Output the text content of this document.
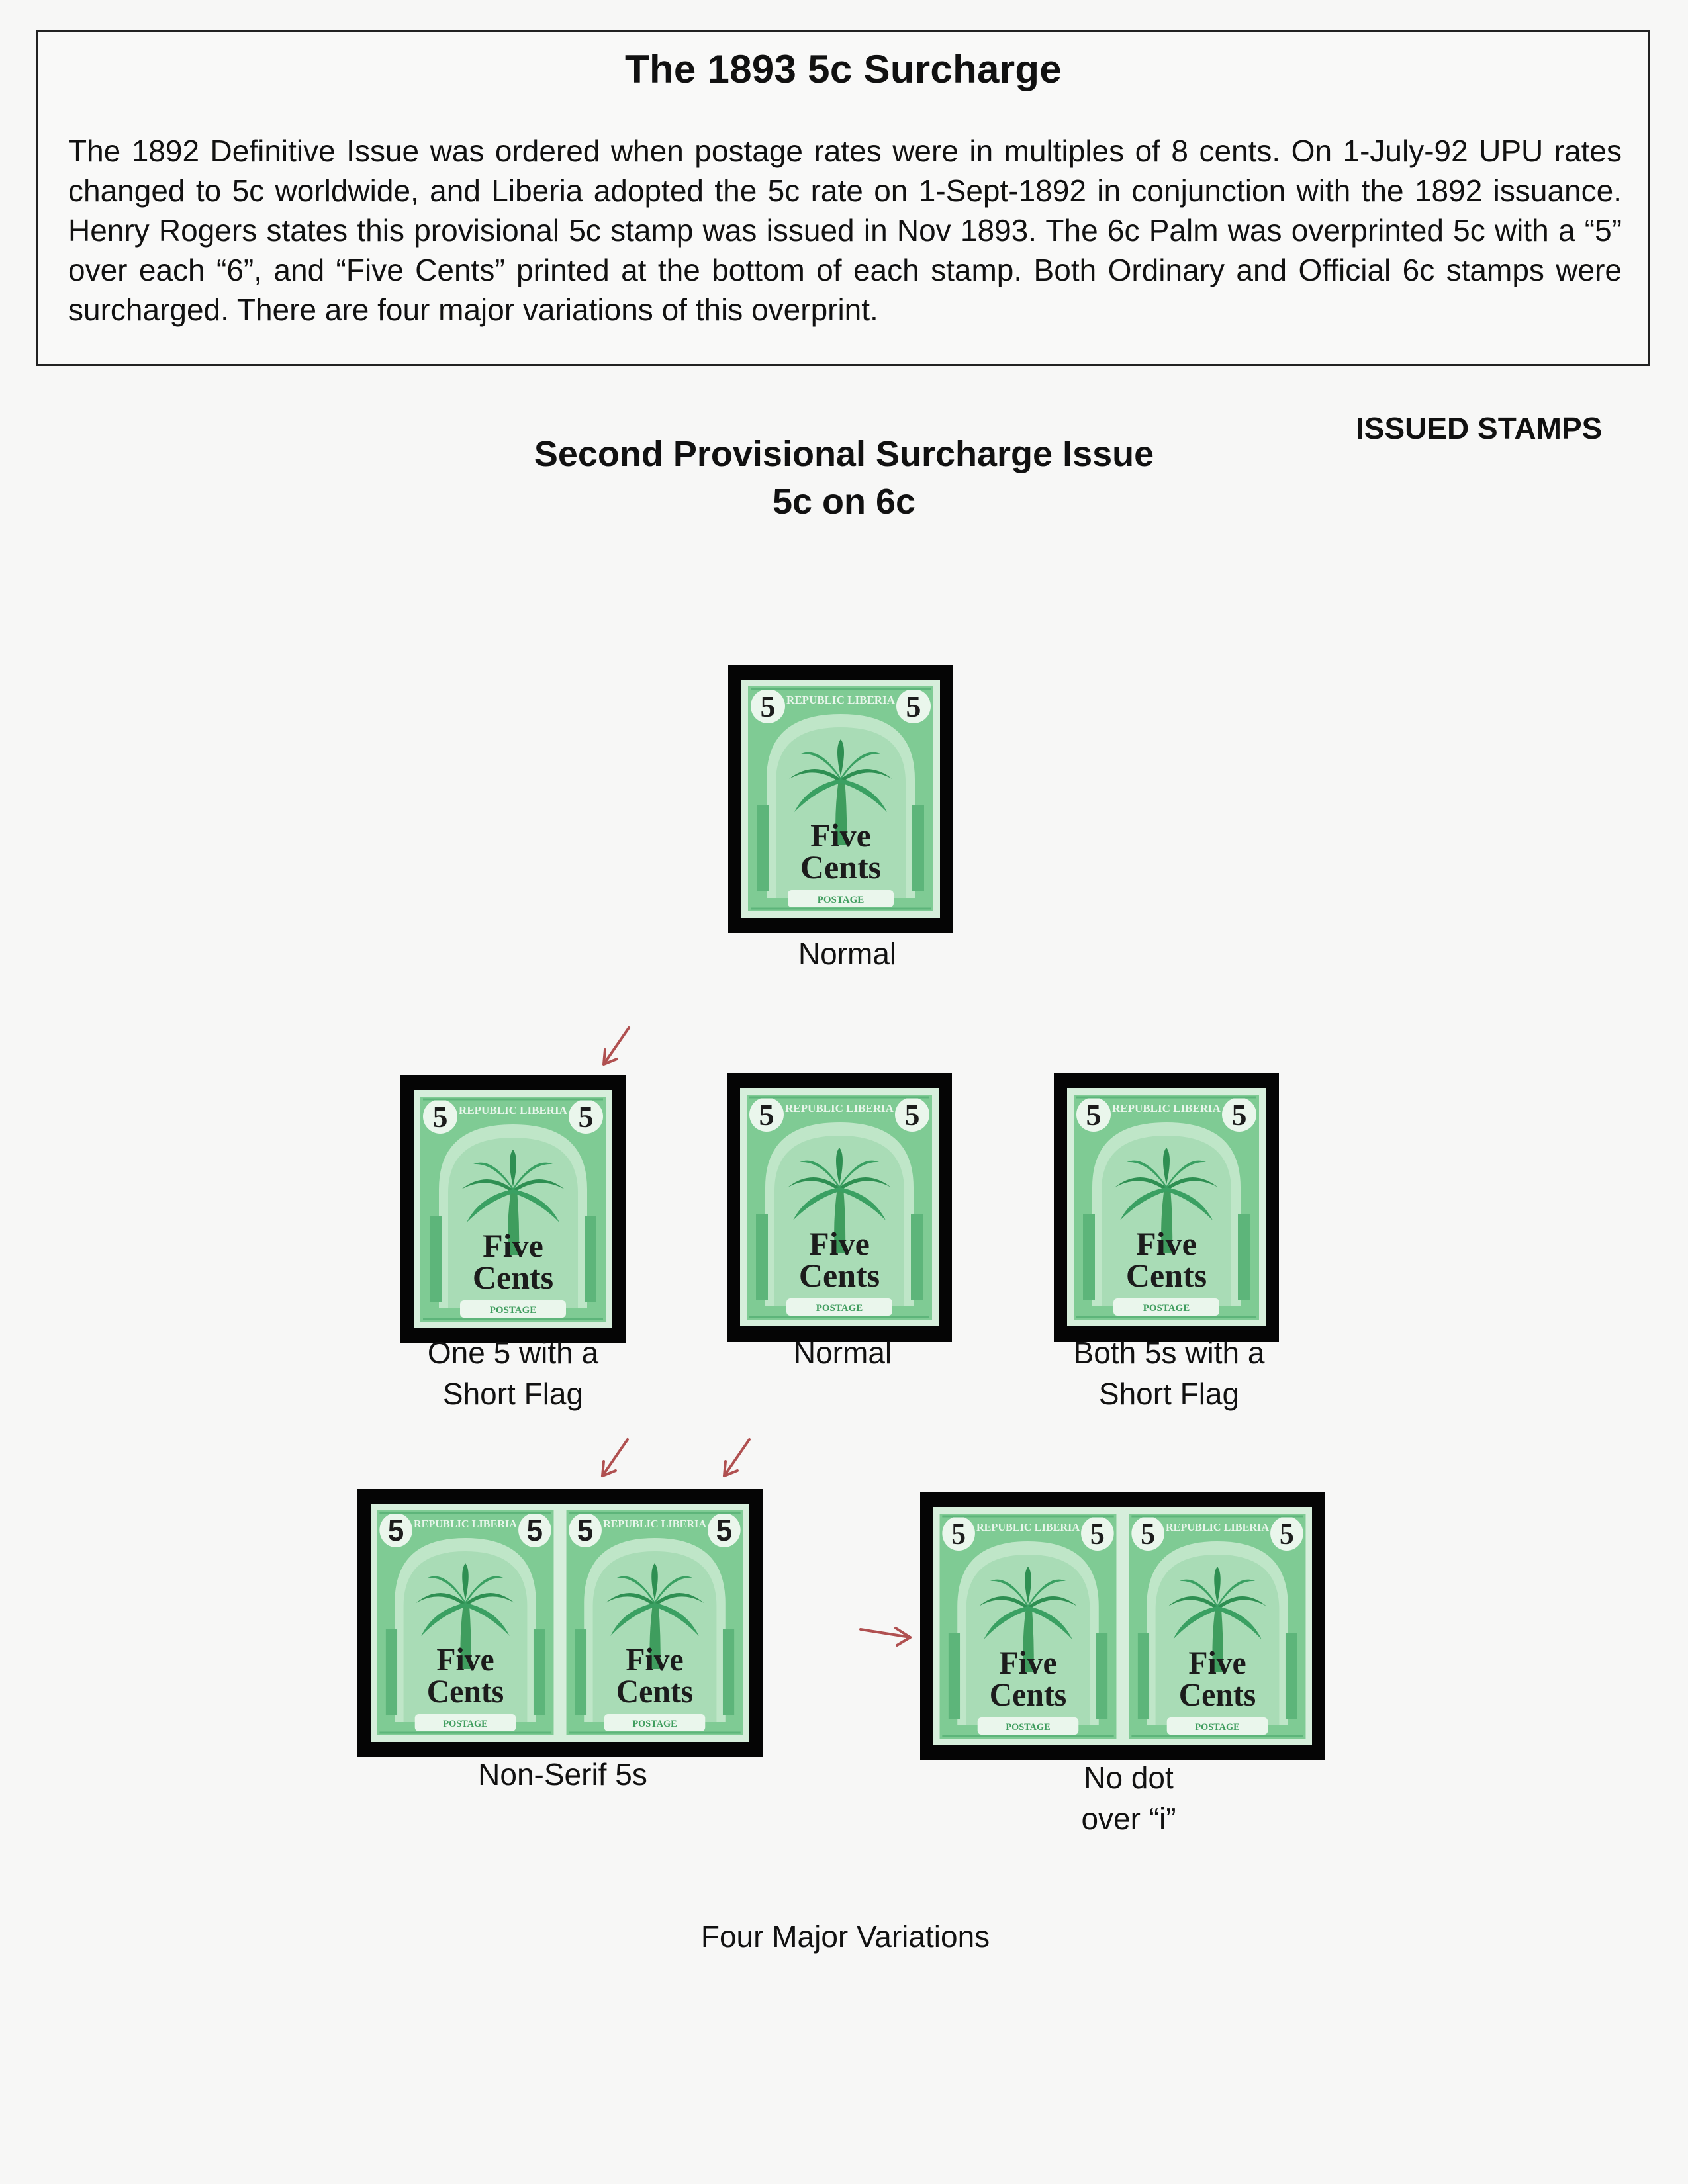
The 1893 5c Surcharge
The 1892 Definitive Issue was ordered when postage rates were in multiples of 8 cents. On 1-July-92 UPU rates changed to 5c worldwide, and Liberia adopted the 5c rate on 1-Sept-1892 in conjunction with the 1892 issuance. Henry Rogers states this provisional 5c stamp was issued in Nov 1893. The 6c Palm was overprinted 5c with a “5” over each “6”, and “Five Cents” printed at the bottom of each stamp. Both Ordinary and Official 6c stamps were surcharged. There are four major variations of this overprint.
ISSUED STAMPS
Second Provisional Surcharge Issue
5c on 6c
REPUBLIC LIBERIA
POSTAGE
5	5
Five
Cents
REPUBLIC LIBERIA
POSTAGE
5	5
Five
Cents
REPUBLIC LIBERIA
POSTAGE
5	5
Five
Cents
REPUBLIC LIBERIA
POSTAGE
5	5
Five
Cents
REPUBLIC LIBERIA
POSTAGE
5	5
Five
Cents
REPUBLIC LIBERIA
POSTAGE
5	5
Five
Cents
REPUBLIC LIBERIA
POSTAGE
5	5
Five
Cents
REPUBLIC LIBERIA
POSTAGE
5	5
Five
Cents
Normal
One 5 with a
Short Flag
Normal	Both 5s with a
Short Flag
Non-Serif 5s	No dot
over “i”
Four Major Variations
